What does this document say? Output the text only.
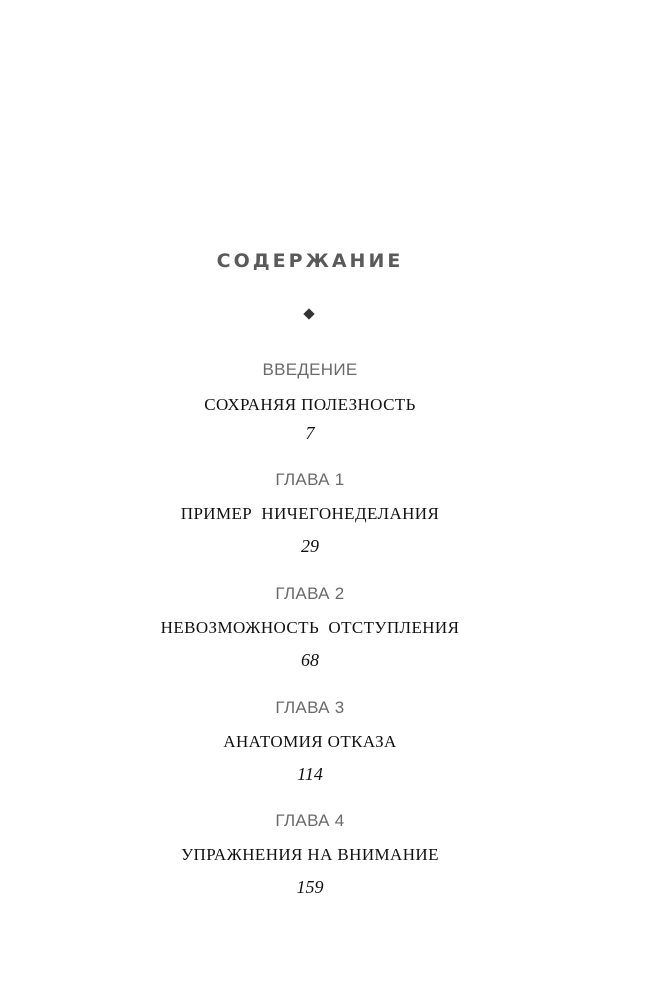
СОДЕРЖАНИЕ
ВВЕДЕНИЕ
СОХРАНЯЯ ПОЛЕЗНОСТЬ
7
ГЛАВА 1
ПРИМЕР  НИЧЕГОНЕДЕЛАНИЯ
29
ГЛАВА 2
НЕВОЗМОЖНОСТЬ  ОТСТУПЛЕНИЯ
68
ГЛАВА 3
АНАТОМИЯ ОТКАЗА
114
ГЛАВА 4
УПРАЖНЕНИЯ НА ВНИМАНИЕ
159
